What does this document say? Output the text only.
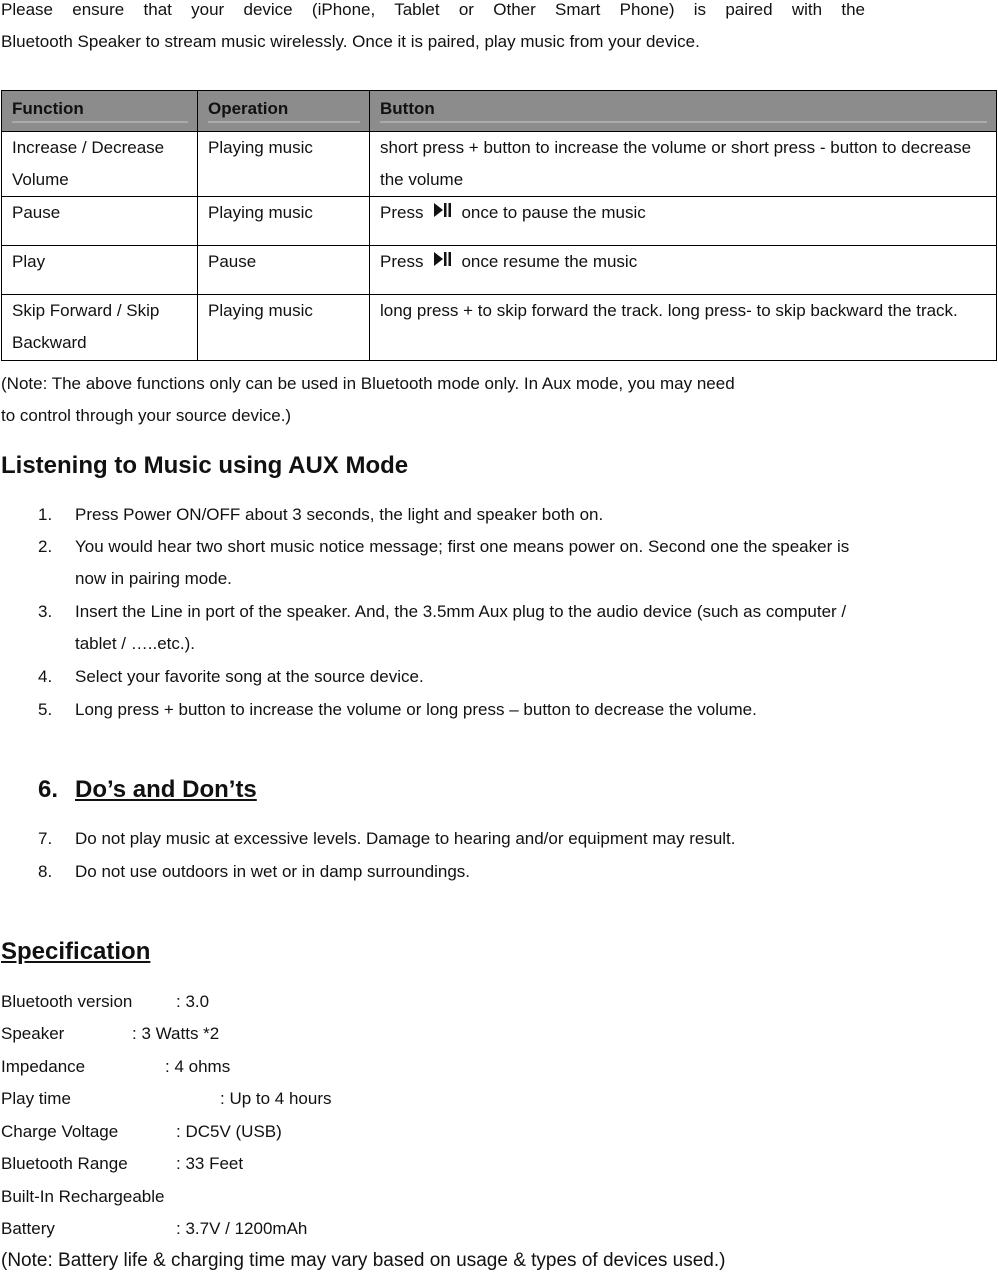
Please ensure that your device (iPhone, Tablet or Other Smart Phone) is paired with the
Bluetooth Speaker to stream music wirelessly. Once it is paired, play music from your device.
Function	Operation	Button

Increase / Decrease Volume	Playing music	short press + button to increase the volume or short press - button to decrease the volume
Pause	Playing music	Press once to pause the music
Play	Pause	Press once resume the music
Skip Forward / Skip Backward	Playing music	long press + to skip forward the track. long press- to skip backward the track.

(Note: The above functions only can be used in Bluetooth mode only. In Aux mode, you may need

to control through your source device.)

Listening to Music using AUX Mode
1. Press Power ON/OFF about 3 seconds, the light and speaker both on.
2. You would hear two short music notice message; first one means power on. Second one the speaker is now in pairing mode.
3. Insert the Line in port of the speaker. And, the 3.5mm Aux plug to the audio device (such as computer / tablet / …..etc.).
4. Select your favorite song at the source device.
5. Long press + button to increase the volume or long press – button to decrease the volume.
6. Do’s and Don’ts
7. Do not play music at excessive levels. Damage to hearing and/or equipment may result.
8. Do not use outdoors in wet or in damp surroundings.
Specification
Bluetooth version	: 3.0
Speaker	: 3 Watts *2
Impedance	: 4 ohms
Play time	: Up to 4 hours
Charge Voltage	: DC5V (USB)
Bluetooth Range	: 33 Feet
Built-In Rechargeable
Battery	: 3.7V / 1200mAh

(Note: Battery life & charging time may vary based on usage & types of devices used.)
